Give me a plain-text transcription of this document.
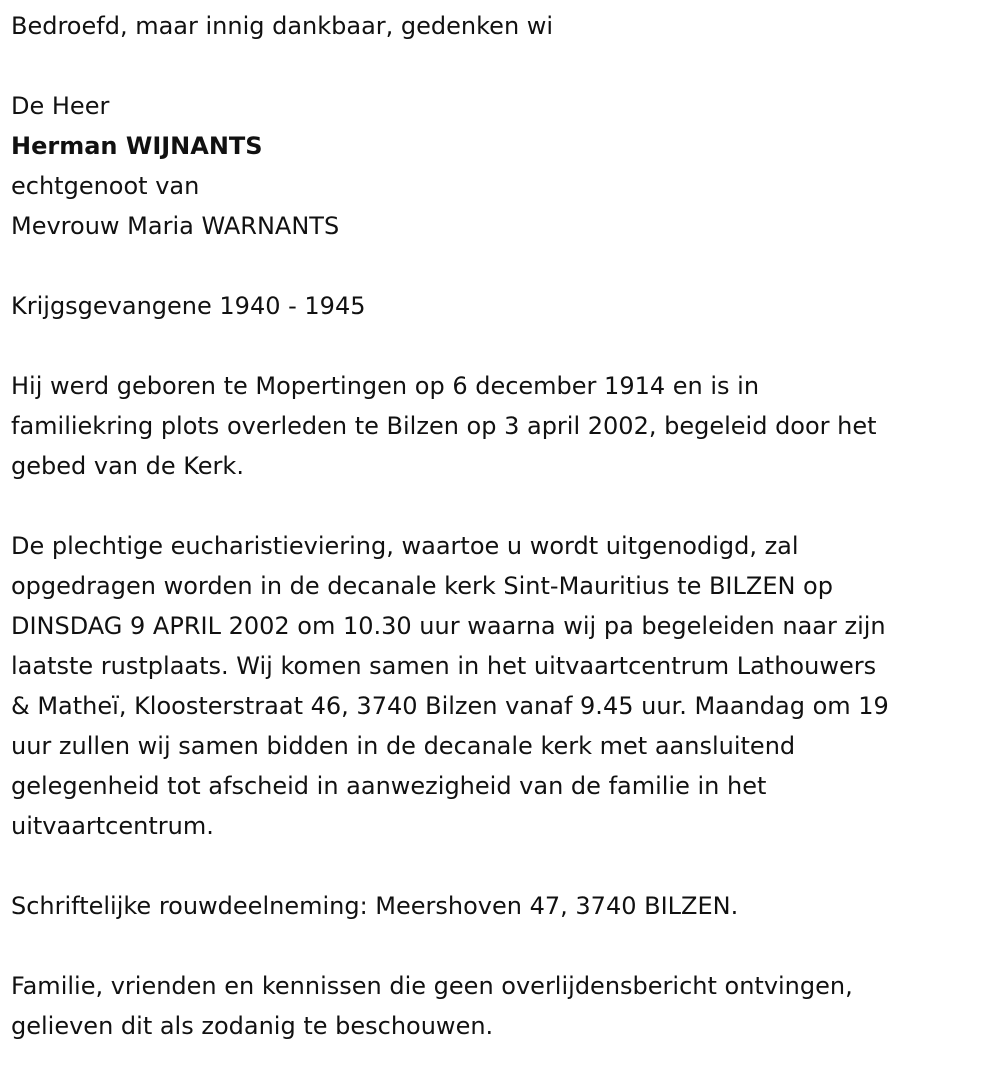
Bedroefd, maar innig dankbaar, gedenken wi
De Heer
Herman WIJNANTS
echtgenoot van
Mevrouw Maria WARNANTS
Krijgsgevangene 1940 - 1945
Hij werd geboren te Mopertingen op 6 december 1914 en is in
familiekring plots overleden te Bilzen op 3 april 2002, begeleid door het
gebed van de Kerk.
De plechtige eucharistieviering, waartoe u wordt uitgenodigd, zal
opgedragen worden in de decanale kerk Sint-Mauritius te BILZEN op
DINSDAG 9 APRIL 2002 om 10.30 uur waarna wij pa begeleiden naar zijn
laatste rustplaats. Wij komen samen in het uitvaartcentrum Lathouwers
& Matheï, Kloosterstraat 46, 3740 Bilzen vanaf 9.45 uur. Maandag om 19
uur zullen wij samen bidden in de decanale kerk met aansluitend
gelegenheid tot afscheid in aanwezigheid van de familie in het
uitvaartcentrum.
Schriftelijke rouwdeelneming: Meershoven 47, 3740 BILZEN.
Familie, vrienden en kennissen die geen overlijdensbericht ontvingen,
gelieven dit als zodanig te beschouwen.
